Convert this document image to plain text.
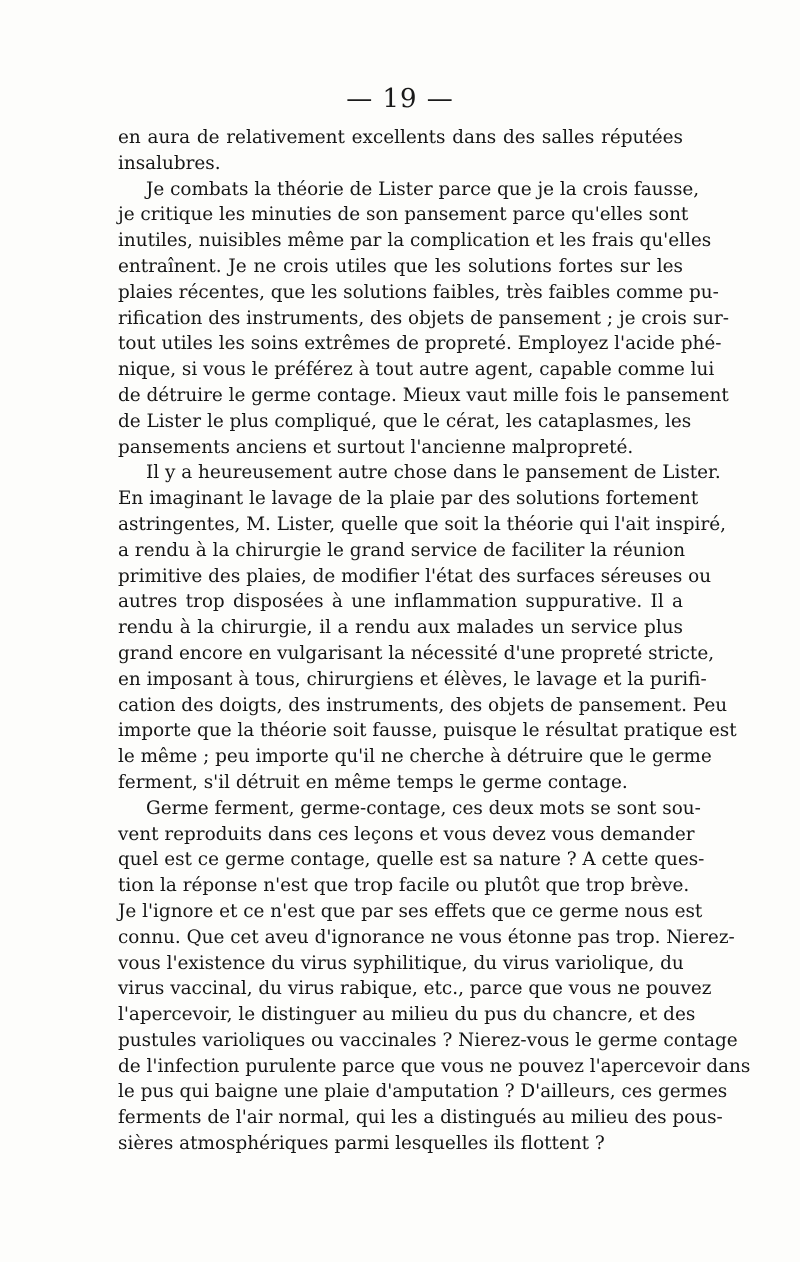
— 19 —
en aura de relativement excellents dans des salles réputées
insalubres.
Je combats la théorie de Lister parce que je la crois fausse,
je critique les minuties de son pansement parce qu'elles sont
inutiles, nuisibles même par la complication et les frais qu'elles
entraînent. Je ne crois utiles que les solutions fortes sur les
plaies récentes, que les solutions faibles, très faibles comme pu-
rification des instruments, des objets de pansement ; je crois sur-
tout utiles les soins extrêmes de propreté. Employez l'acide phé-
nique, si vous le préférez à tout autre agent, capable comme lui
de détruire le germe contage. Mieux vaut mille fois le pansement
de Lister le plus compliqué, que le cérat, les cataplasmes, les
pansements anciens et surtout l'ancienne malpropreté.
Il y a heureusement autre chose dans le pansement de Lister.
En imaginant le lavage de la plaie par des solutions fortement
astringentes, M. Lister, quelle que soit la théorie qui l'ait inspiré,
a rendu à la chirurgie le grand service de faciliter la réunion
primitive des plaies, de modifier l'état des surfaces séreuses ou
autres trop disposées à une inflammation suppurative. Il a
rendu à la chirurgie, il a rendu aux malades un service plus
grand encore en vulgarisant la nécessité d'une propreté stricte,
en imposant à tous, chirurgiens et élèves, le lavage et la purifi-
cation des doigts, des instruments, des objets de pansement. Peu
importe que la théorie soit fausse, puisque le résultat pratique est
le même ; peu importe qu'il ne cherche à détruire que le germe
ferment, s'il détruit en même temps le germe contage.
Germe ferment, germe-contage, ces deux mots se sont sou-
vent reproduits dans ces leçons et vous devez vous demander
quel est ce germe contage, quelle est sa nature ? A cette ques-
tion la réponse n'est que trop facile ou plutôt que trop brève.
Je l'ignore et ce n'est que par ses effets que ce germe nous est
connu. Que cet aveu d'ignorance ne vous étonne pas trop. Nierez-
vous l'existence du virus syphilitique, du virus variolique, du
virus vaccinal, du virus rabique, etc., parce que vous ne pouvez
l'apercevoir, le distinguer au milieu du pus du chancre, et des
pustules varioliques ou vaccinales ? Nierez-vous le germe contage
de l'infection purulente parce que vous ne pouvez l'apercevoir dans
le pus qui baigne une plaie d'amputation ? D'ailleurs, ces germes
ferments de l'air normal, qui les a distingués au milieu des pous-
sières atmosphériques parmi lesquelles ils flottent ?
